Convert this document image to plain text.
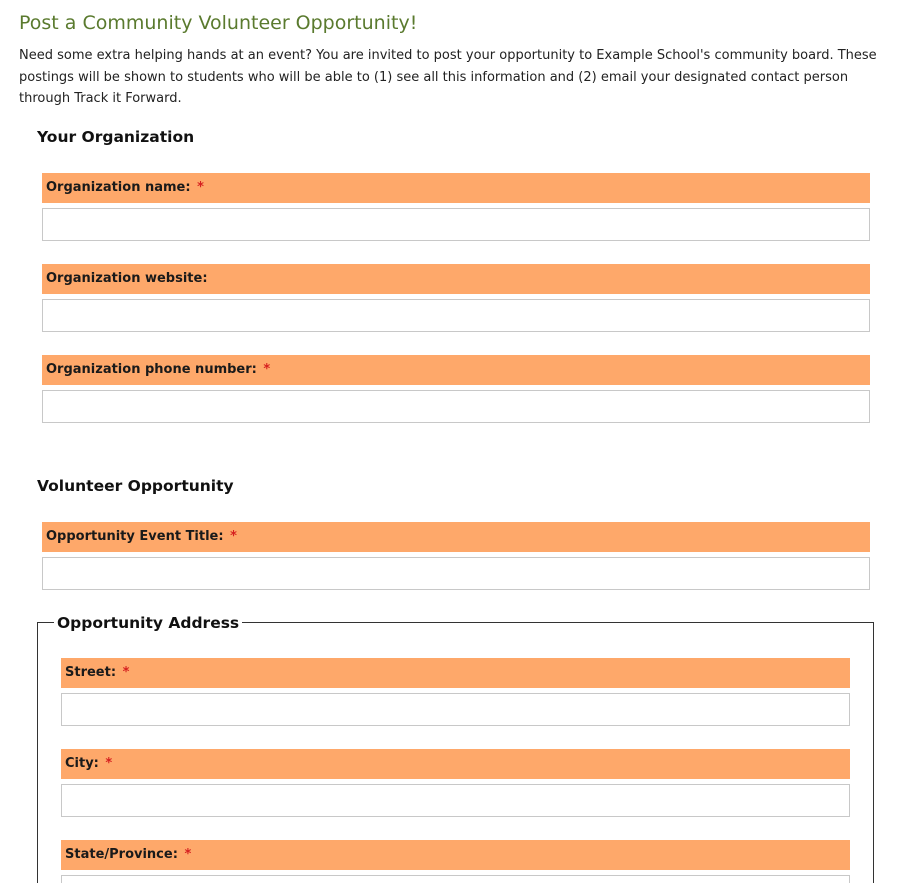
Post a Community Volunteer Opportunity!

Need some extra helping hands at an event? You are invited to post your opportunity to Example School's community board. These postings will be shown to students who will be able to (1) see all this information and (2) email your designated contact person through Track it Forward.

Your Organization
Organization name: *
Organization website:
Organization phone number: *
Volunteer Opportunity
Opportunity Event Title: *
Opportunity Address
Street: *
City: *
State/Province: *
